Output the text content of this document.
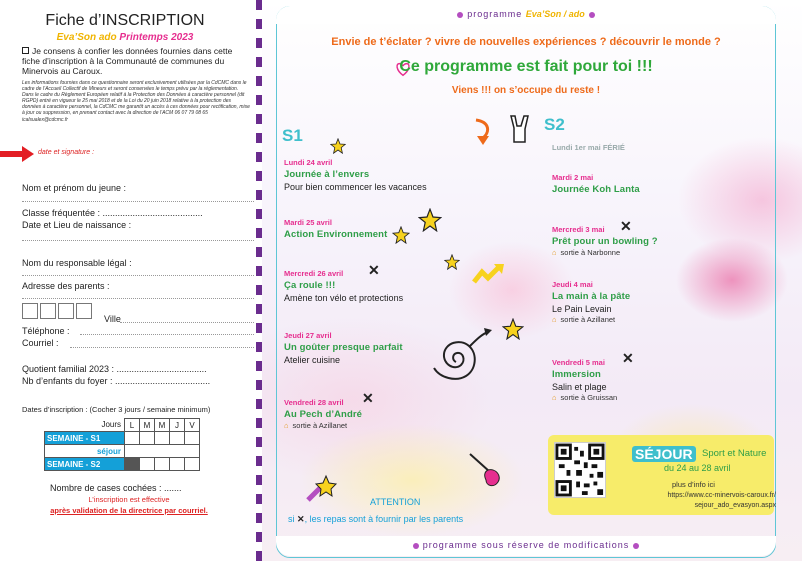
Fiche d’INSCRIPTION
Eva’Son ado Printemps 2023
Je consens à confier les données fournies dans cette fiche d’inscription à la Communauté de communes du Minervois au Caroux.
Les informations fournies dans ce questionnaire seront exclusivement utilisées par la CdCMC dans le cadre de l’Accueil Collectif de Mineurs et seront conservées le temps prévu par la réglementation. Dans le cadre du Règlement Européen relatif à la Protection des Données à caractère personnel (dit RGPD) entré en vigueur le 25 mai 2018 et de la Loi du 20 juin 2018 relative à la protection des données à caractère personnel, la CdCMC me garantit un accès à ces données pour rectification, mise à jour ou suppression, en prenant contact avec la direction de l’ACM 06 07 79 08 65 icalsualex@cdcmc.fr
date et signature :
Nom et prénom du jeune :
Classe fréquentée : ........................................
Date et Lieu de naissance :
Nom du responsable légal :
Adresse des parents :
Ville
Téléphone :
Courriel :
Quotient familial 2023 : ....................................
Nb d’enfants du foyer : ......................................
Dates d’inscription : (Cocher 3 jours / semaine minimum)
Jours	L	M	M	J	V
SEMAINE - S1					
séjour					
SEMAINE - S2					
Nombre de cases cochées : .......
L’inscription est effective
après validation de la directrice par courriel.
programme Eva’Son / ado
Envie de t’éclater ? vivre de nouvelles expériences ? découvrir le monde ?
Ce programme est fait pour toi !!!
Viens !!! on s’occupe du reste !
S1
S2
Lundi 24 avril
Journée à l’envers
Pour bien commencer les vacances
Mardi 25 avril
Action Environnement
Mercredi 26 avril
Ça roule !!!
Amène ton vélo et protections
✕
Jeudi 27 avril
Un goûter presque parfait
Atelier cuisine
Vendredi 28 avril
Au Pech d’André
⌂ sortie à Azillanet
✕
Lundi 1er mai FÉRIÉ
Mardi 2 mai
Journée Koh Lanta
Mercredi 3 mai
Prêt pour un bowling ?
⌂ sortie à Narbonne
✕
Jeudi 4 mai
La main à la pâte
Le Pain Levain
⌂ sortie à Azillanet
Vendredi 5 mai
Immersion
Salin et plage
⌂ sortie à Gruissan
✕
SÉJOUR Sport et Nature
du 24 au 28 avril
plus d’info ici
https://www.cc-minervois-caroux.fr/
sejour_ado_evasyon.aspx
ATTENTION
si ✕, les repas sont à fournir par les parents
programme sous réserve de modifications
